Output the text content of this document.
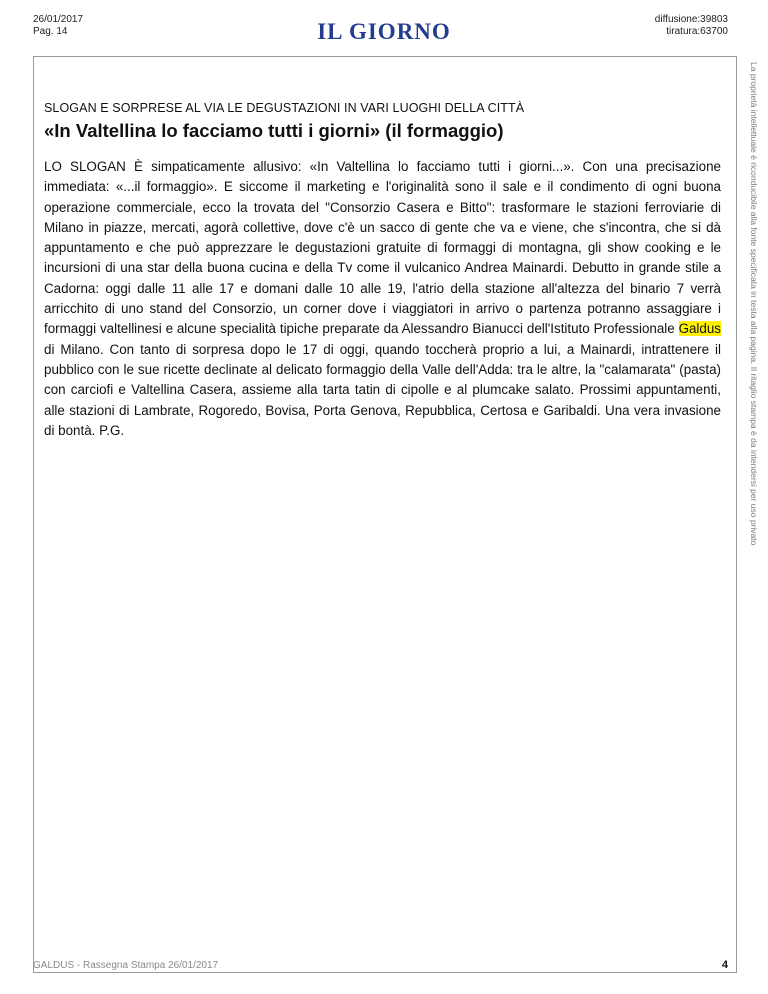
26/01/2017
Pag. 14	IL GIORNO	diffusione:39803
tiratura:63700
La proprietà intellettuale è riconducibile alla fonte specificata in testa alla pagina. Il ritaglio stampa è da intendersi per uso privato
SLOGAN E SORPRESE AL VIA LE DEGUSTAZIONI IN VARI LUOGHI DELLA CITTÀ
«In Valtellina lo facciamo tutti i giorni» (il formaggio)

LO SLOGAN È simpaticamente allusivo: «In Valtellina lo facciamo tutti i giorni...». Con una precisazione immediata: «...il formaggio». E siccome il marketing e l'originalità sono il sale e il condimento di ogni buona operazione commerciale, ecco la trovata del "Consorzio Casera e Bitto": trasformare le stazioni ferroviarie di Milano in piazze, mercati, agorà collettive, dove c'è un sacco di gente che va e viene, che s'incontra, che si dà appuntamento e che può apprezzare le degustazioni gratuite di formaggi di montagna, gli show cooking e le incursioni di una star della buona cucina e della Tv come il vulcanico Andrea Mainardi. Debutto in grande stile a Cadorna: oggi dalle 11 alle 17 e domani dalle 10 alle 19, l'atrio della stazione all'altezza del binario 7 verrà arricchito di uno stand del Consorzio, un corner dove i viaggiatori in arrivo o partenza potranno assaggiare i formaggi valtellinesi e alcune specialità tipiche preparate da Alessandro Bianucci dell'Istituto Professionale Galdus di Milano. Con tanto di sorpresa dopo le 17 di oggi, quando toccherà proprio a lui, a Mainardi, intrattenere il pubblico con le sue ricette declinate al delicato formaggio della Valle dell'Adda: tra le altre, la "calamarata" (pasta) con carciofi e Valtellina Casera, assieme alla tarta tatin di cipolle e al plumcake salato. Prossimi appuntamenti, alle stazioni di Lambrate, Rogoredo, Bovisa, Porta Genova, Repubblica, Certosa e Garibaldi. Una vera invasione di bontà. P.G.

GALDUS - Rassegna Stampa 26/01/2017	4
